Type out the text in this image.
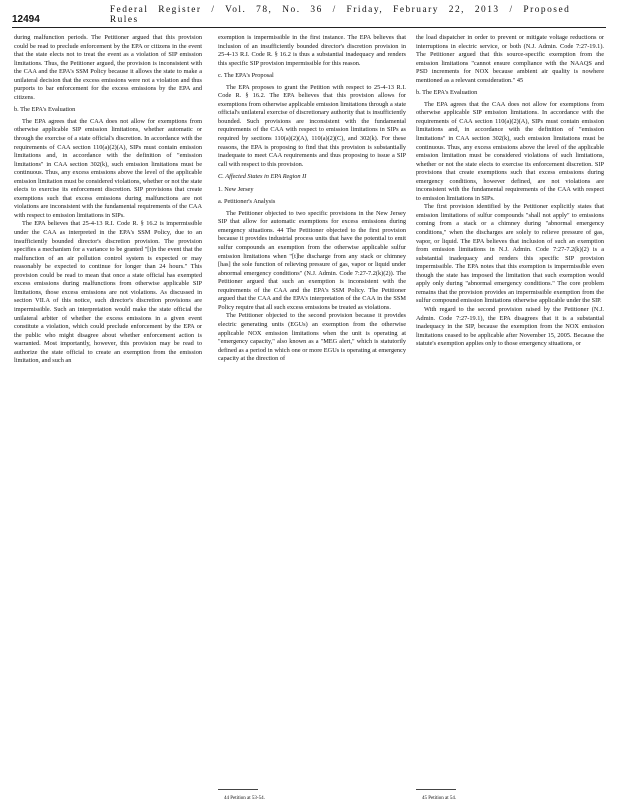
12494
Federal Register / Vol. 78, No. 36 / Friday, February 22, 2013 / Proposed Rules

during malfunction periods. The Petitioner argued that this provision could be read to preclude enforcement by the EPA or citizens in the event that the state elects not to treat the event as a violation of SIP emission limitations. Thus, the Petitioner argued, the provision is inconsistent with the CAA and the EPA's SSM Policy because it allows the state to make a unilateral decision that the excess emissions were not a violation and thus purports to bar enforcement for the excess emissions by the EPA and citizens.

b. The EPA's Evaluation

The EPA agrees that the CAA does not allow for exemptions from otherwise applicable SIP emission limitations, whether automatic or through the exercise of a state official's discretion. In accordance with the requirements of CAA section 110(a)(2)(A), SIPs must contain emission limitations and, in accordance with the definition of "emission limitations" in CAA section 302(k), such emission limitations must be continuous. Thus, any excess emissions above the level of the applicable emission limitation must be considered violations, whether or not the state elects to exercise its enforcement discretion. SIP provisions that create exemptions such that excess emissions during malfunctions are not violations are inconsistent with the fundamental requirements of the CAA with respect to emission limitations in SIPs.

The EPA believes that 25-4-13 R.I. Code R. § 16.2 is impermissible under the CAA as interpreted in the EPA's SSM Policy, due to an insufficiently bounded director's discretion provision. The provision specifies a mechanism for a variance to be granted "[i]n the event that the malfunction of an air pollution control system is expected or may reasonably be expected to continue for longer than 24 hours." This provision could be read to mean that once a state official has exempted excess emissions during malfunctions from otherwise applicable SIP limitations, those excess emissions are not violations. As discussed in section VII.A of this notice, such director's discretion provisions are impermissible. Such an interpretation would make the state official the unilateral arbiter of whether the excess emissions in a given event constitute a violation, which could preclude enforcement by the EPA or the public who might disagree about whether enforcement action is warranted. Most importantly, however, this provision may be read to authorize the state official to create an exemption from the emission limitation, and such an

exemption is impermissible in the first instance. The EPA believes that inclusion of an insufficiently bounded director's discretion provision in 25-4-13 R.I. Code R. § 16.2 is thus a substantial inadequacy and renders this specific SIP provision impermissible for this reason.

c. The EPA's Proposal

The EPA proposes to grant the Petition with respect to 25-4-13 R.I. Code R. § 16.2. The EPA believes that this provision allows for exemptions from otherwise applicable emission limitations through a state official's unilateral exercise of discretionary authority that is insufficiently bounded. Such provisions are inconsistent with the fundamental requirements of the CAA with respect to emission limitations in SIPs as required by sections 110(a)(2)(A), 110(a)(2)(C), and 302(k). For these reasons, the EPA is proposing to find that this provision is substantially inadequate to meet CAA requirements and thus proposing to issue a SIP call with respect to this provision.

C. Affected States in EPA Region II

1. New Jersey

a. Petitioner's Analysis

The Petitioner objected to two specific provisions in the New Jersey SIP that allow for automatic exemptions for excess emissions during emergency situations. 44 The Petitioner objected to the first provision because it provides industrial process units that have the potential to emit sulfur compounds an exemption from the otherwise applicable sulfur emission limitations when "[t]he discharge from any stack or chimney [has] the sole function of relieving pressure of gas, vapor or liquid under abnormal emergency conditions" (N.J. Admin. Code 7:27-7.2(k)(2)). The Petitioner argued that such an exemption is inconsistent with the requirements of the CAA and the EPA's SSM Policy. The Petitioner argued that the CAA and the EPA's interpretation of the CAA in the SSM Policy require that all such excess emissions be treated as violations.

The Petitioner objected to the second provision because it provides electric generating units (EGUs) an exemption from the otherwise applicable NOX emission limitations when the unit is operating at "emergency capacity," also known as a "MEG alert," which is statutorily defined as a period in which one or more EGUs is operating at emergency capacity at the direction of

the load dispatcher in order to prevent or mitigate voltage reductions or interruptions in electric service, or both (N.J. Admin. Code 7:27-19.1). The Petitioner argued that this source-specific exemption from the emission limitations "cannot ensure compliance with the NAAQS and PSD increments for NOX because ambient air quality is nowhere mentioned as a relevant consideration." 45

b. The EPA's Evaluation

The EPA agrees that the CAA does not allow for exemptions from otherwise applicable SIP emission limitations. In accordance with the requirements of CAA section 110(a)(2)(A), SIPs must contain emission limitations and, in accordance with the definition of "emission limitations" in CAA section 302(k), such emission limitations must be continuous. Thus, any excess emissions above the level of the applicable emission limitation must be considered violations of such limitations, whether or not the state elects to exercise its enforcement discretion. SIP provisions that create exemptions such that excess emissions during emergency conditions, however defined, are not violations are inconsistent with the fundamental requirements of the CAA with respect to emission limitations in SIPs.

The first provision identified by the Petitioner explicitly states that emission limitations of sulfur compounds "shall not apply" to emissions coming from a stack or a chimney during "abnormal emergency conditions," when the discharges are solely to relieve pressure of gas, vapor, or liquid. The EPA believes that inclusion of such an exemption from emission limitations in N.J. Admin. Code 7:27-7.2(k)(2) is a substantial inadequacy and renders this specific SIP provision impermissible. The EPA notes that this exemption is impermissible even though the state has imposed the limitation that such exemption would apply only during "abnormal emergency conditions." The core problem remains that the provision provides an impermissible exemption from the sulfur compound emission limitations otherwise applicable under the SIP.

With regard to the second provision raised by the Petitioner (N.J. Admin. Code 7:27-19.1), the EPA disagrees that it is a substantial inadequacy in the SIP, because the exemption from the NOX emission limitations ceased to be applicable after November 15, 2005. Because the statute's exemption applies only to those emergency situations, or

44 Petition at 53-54.	45 Petition at 54.
